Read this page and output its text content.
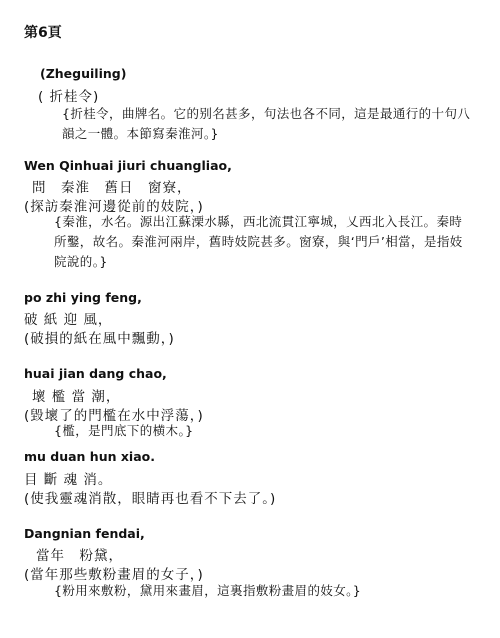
第6頁
(Zheguiling)
( 折桂令)
{折桂令，曲牌名。它的别名甚多，句法也各不同，這是最通行的十句八韻之一體。本節寫秦淮河。}
Wen Qinhuai jiuri chuangliao,
問　秦淮　舊日　窗寮，
(探訪秦淮河邊從前的妓院，)
{秦淮，水名。源出江蘇溧水縣，西北流貫江寧城，乂西北入長江。秦時所鑿，故名。秦淮河兩岸，舊時妓院甚多。窗寮，與‘門戶’相當，是指妓院說的。}
po zhi ying feng,
破 紙 迎 風，
(破損的紙在風中飄動，)
huai jian dang chao,
壞 檻 當 潮，
(毀壞了的門檻在水中浮蕩，)
{檻，是門底下的横木。}
mu duan hun xiao.
目 斷 魂 消。
(使我靈魂消散，眼睛再也看不下去了。)
Dangnian fendai,
當年　粉黛，
(當年那些敷粉畫眉的女子，)
{粉用來敷粉，黛用來畫眉，這裏指敷粉畫眉的妓女。}
